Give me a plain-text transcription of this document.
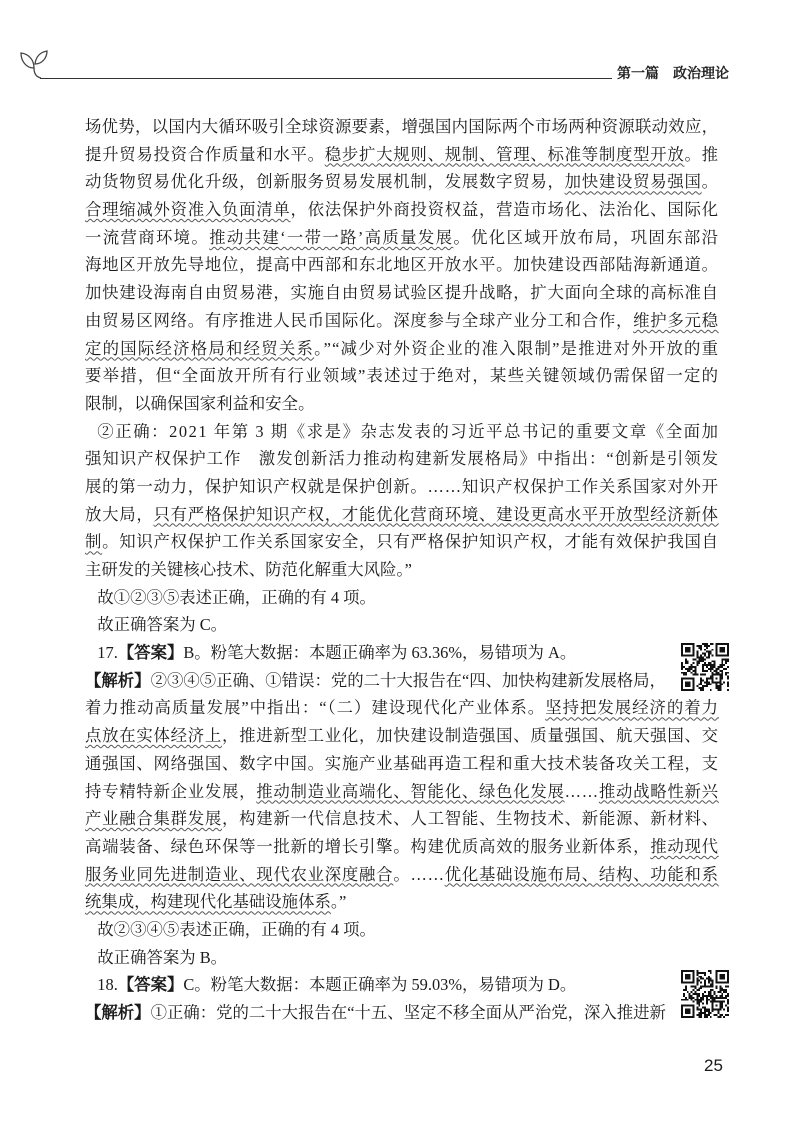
第一篇 政治理论
场优势，以国内大循环吸引全球资源要素，增强国内国际两个市场两种资源联动效应，
提升贸易投资合作质量和水平。稳步扩大规则、规制、管理、标准等制度型开放。推
动货物贸易优化升级，创新服务贸易发展机制，发展数字贸易，加快建设贸易强国。
合理缩减外资准入负面清单，依法保护外商投资权益，营造市场化、法治化、国际化
一流营商环境。推动共建‘一带一路’高质量发展。优化区域开放布局，巩固东部沿
海地区开放先导地位，提高中西部和东北地区开放水平。加快建设西部陆海新通道。
加快建设海南自由贸易港，实施自由贸易试验区提升战略，扩大面向全球的高标准自
由贸易区网络。有序推进人民币国际化。深度参与全球产业分工和合作，维护多元稳
定的国际经济格局和经贸关系。”“减少对外资企业的准入限制”是推进对外开放的重
要举措，但“全面放开所有行业领域”表述过于绝对，某些关键领域仍需保留一定的
限制，以确保国家利益和安全。
②正确：2021 年第 3 期《求是》杂志发表的习近平总书记的重要文章《全面加
强知识产权保护工作　激发创新活力推动构建新发展格局》中指出：“创新是引领发
展的第一动力，保护知识产权就是保护创新。……知识产权保护工作关系国家对外开
放大局，只有严格保护知识产权，才能优化营商环境、建设更高水平开放型经济新体
制。知识产权保护工作关系国家安全，只有严格保护知识产权，才能有效保护我国自
主研发的关键核心技术、防范化解重大风险。”
故①②③⑤表述正确，正确的有 4 项。
故正确答案为 C。
17.【答案】B。粉笔大数据：本题正确率为 63.36%，易错项为 A。
【解析】②③④⑤正确、①错误：党的二十大报告在“四、加快构建新发展格局，
着力推动高质量发展”中指出：“（二）建设现代化产业体系。坚持把发展经济的着力
点放在实体经济上，推进新型工业化，加快建设制造强国、质量强国、航天强国、交
通强国、网络强国、数字中国。实施产业基础再造工程和重大技术装备攻关工程，支
持专精特新企业发展，推动制造业高端化、智能化、绿色化发展……推动战略性新兴
产业融合集群发展，构建新一代信息技术、人工智能、生物技术、新能源、新材料、
高端装备、绿色环保等一批新的增长引擎。构建优质高效的服务业新体系，推动现代
服务业同先进制造业、现代农业深度融合。……优化基础设施布局、结构、功能和系
统集成，构建现代化基础设施体系。”
故②③④⑤表述正确，正确的有 4 项。
故正确答案为 B。
18.【答案】C。粉笔大数据：本题正确率为 59.03%，易错项为 D。
【解析】①正确：党的二十大报告在“十五、坚定不移全面从严治党，深入推进新
25
